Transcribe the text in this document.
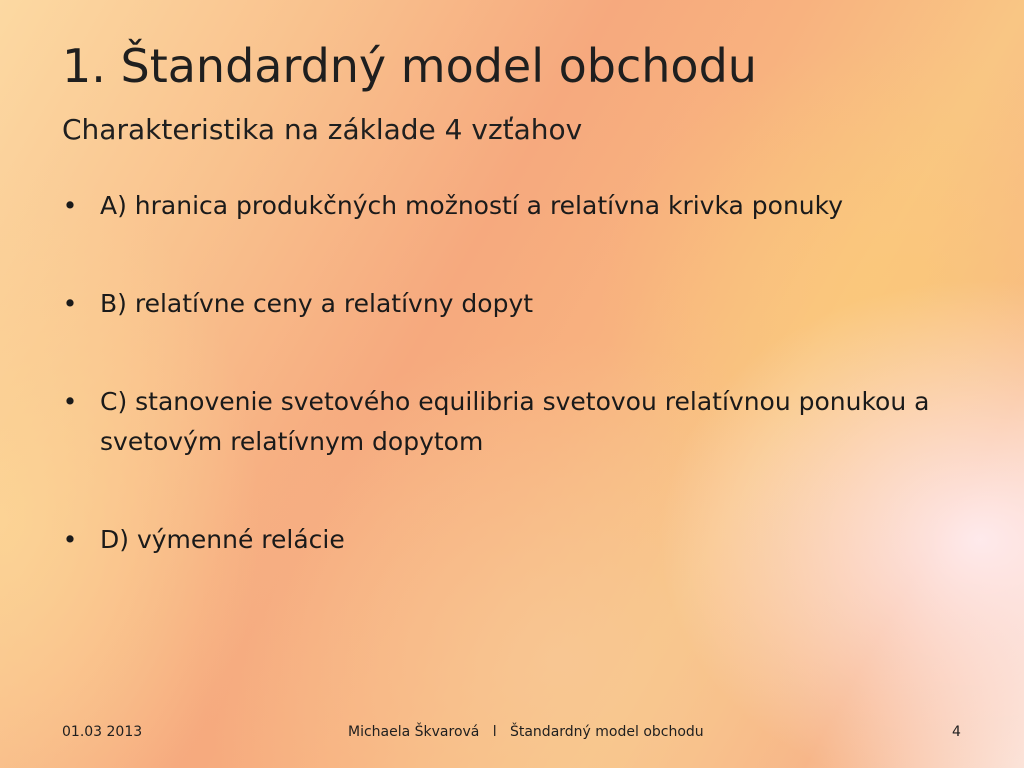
1. Štandardný model obchodu
Charakteristika na základe 4 vzťahov
• A) hranica produkčných možností a relatívna krivka ponuky
• B) relatívne ceny a relatívny dopyt
• C) stanovenie svetového equilibria svetovou relatívnou ponukou a svetovým relatívnym dopytom
• D) výmenné relácie
01.03 2013	Michaela Škvarová   l   Štandardný model obchodu	4
